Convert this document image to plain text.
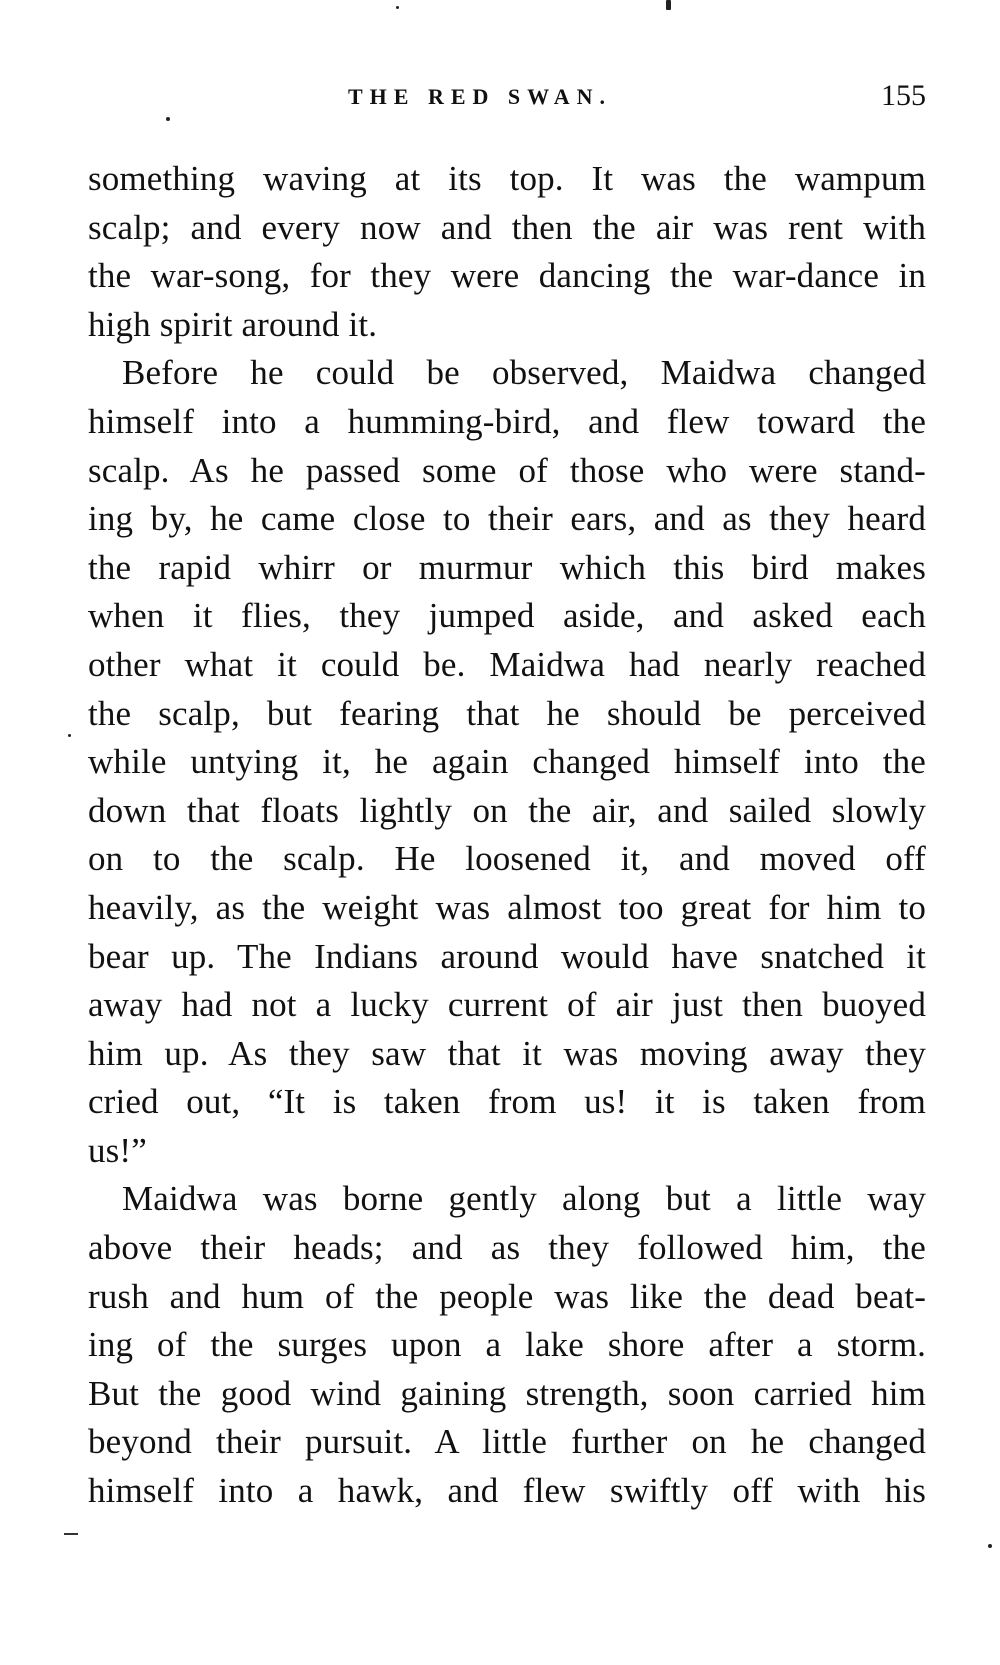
THE RED SWAN.	155

something waving at its top. It was the wampum
scalp; and every now and then the air was rent with
the war-song, for they were dancing the war-dance in
high spirit around it.

Before he could be observed, Maidwa changed
himself into a humming-bird, and flew toward the
scalp. As he passed some of those who were stand-
ing by, he came close to their ears, and as they heard
the rapid whirr or murmur which this bird makes
when it flies, they jumped aside, and asked each
other what it could be. Maidwa had nearly reached
the scalp, but fearing that he should be perceived
while untying it, he again changed himself into the
down that floats lightly on the air, and sailed slowly
on to the scalp. He loosened it, and moved off
heavily, as the weight was almost too great for him to
bear up. The Indians around would have snatched it
away had not a lucky current of air just then buoyed
him up. As they saw that it was moving away they
cried out, “It is taken from us! it is taken from
us!”

Maidwa was borne gently along but a little way
above their heads; and as they followed him, the
rush and hum of the people was like the dead beat-
ing of the surges upon a lake shore after a storm.
But the good wind gaining strength, soon carried him
beyond their pursuit. A little further on he changed
himself into a hawk, and flew swiftly off with his
